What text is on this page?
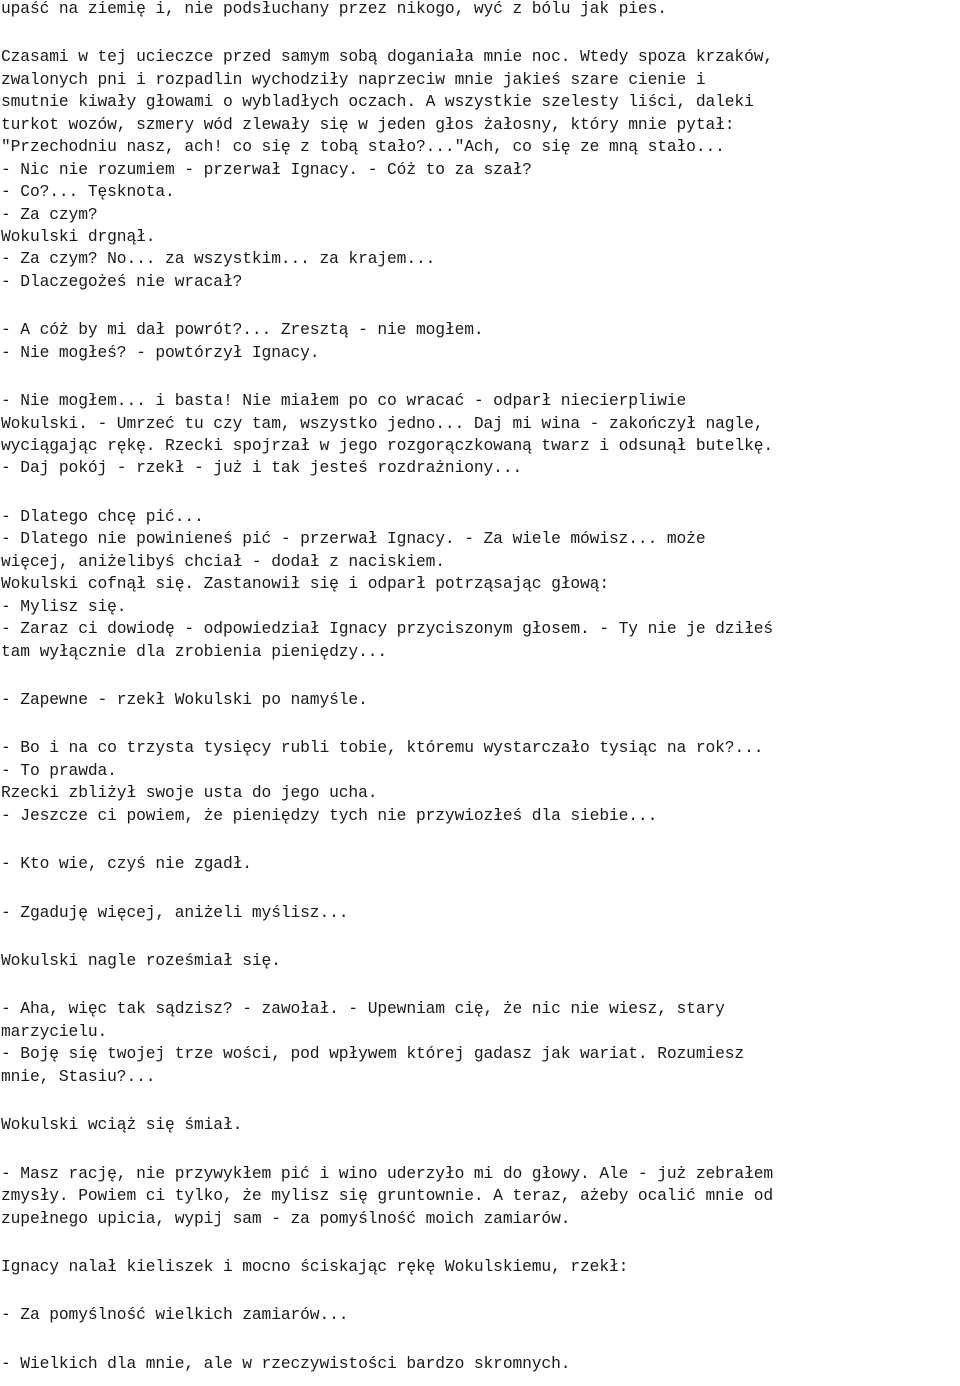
upaść na ziemię i, nie podsłuchany przez nikogo, wyć z bólu jak pies.
Czasami w tej ucieczce przed samym sobą doganiała mnie noc. Wtedy spoza krzaków,
zwalonych pni i rozpadlin wychodziły naprzeciw mnie jakieś szare cienie i
smutnie kiwały głowami o wybladłych oczach. A wszystkie szelesty liści, daleki
turkot wozów, szmery wód zlewały się w jeden głos żałosny, który mnie pytał:
"Przechodniu nasz, ach! co się z tobą stało?..."Ach, co się ze mną stało...
- Nic nie rozumiem - przerwał Ignacy. - Cóż to za szał?
- Co?... Tęsknota.
- Za czym?
Wokulski drgnął.
- Za czym? No... za wszystkim... za krajem...
- Dlaczegożeś nie wracał?
- A cóż by mi dał powrót?... Zresztą - nie mogłem.
- Nie mogłeś? - powtórzył Ignacy.
- Nie mogłem... i basta! Nie miałem po co wracać - odparł niecierpliwie
Wokulski. - Umrzeć tu czy tam, wszystko jedno... Daj mi wina - zakończył nagle,
wyciągając rękę. Rzecki spojrzał w jego rozgorączkowaną twarz i odsunął butelkę.
- Daj pokój - rzekł - już i tak jesteś rozdrażniony...
- Dlatego chcę pić...
- Dlatego nie powinieneś pić - przerwał Ignacy. - Za wiele mówisz... może
więcej, aniżelibyś chciał - dodał z naciskiem.
Wokulski cofnął się. Zastanowił się i odparł potrząsając głową:
- Mylisz się.
- Zaraz ci dowiodę - odpowiedział Ignacy przyciszonym głosem. - Ty nie je dziłeś
tam wyłącznie dla zrobienia pieniędzy...
- Zapewne - rzekł Wokulski po namyśle.
- Bo i na co trzysta tysięcy rubli tobie, któremu wystarczało tysiąc na rok?...
- To prawda.
Rzecki zbliżył swoje usta do jego ucha.
- Jeszcze ci powiem, że pieniędzy tych nie przywiozłeś dla siebie...
- Kto wie, czyś nie zgadł.
- Zgaduję więcej, aniżeli myślisz...
Wokulski nagle roześmiał się.
- Aha, więc tak sądzisz? - zawołał. - Upewniam cię, że nic nie wiesz, stary
marzycielu.
- Boję się twojej trze wości, pod wpływem której gadasz jak wariat. Rozumiesz
mnie, Stasiu?...
Wokulski wciąż się śmiał.
- Masz rację, nie przywykłem pić i wino uderzyło mi do głowy. Ale - już zebrałem
zmysły. Powiem ci tylko, że mylisz się gruntownie. A teraz, ażeby ocalić mnie od
zupełnego upicia, wypij sam - za pomyślność moich zamiarów.
Ignacy nalał kieliszek i mocno ściskając rękę Wokulskiemu, rzekł:
- Za pomyślność wielkich zamiarów...
- Wielkich dla mnie, ale w rzeczywistości bardzo skromnych.
